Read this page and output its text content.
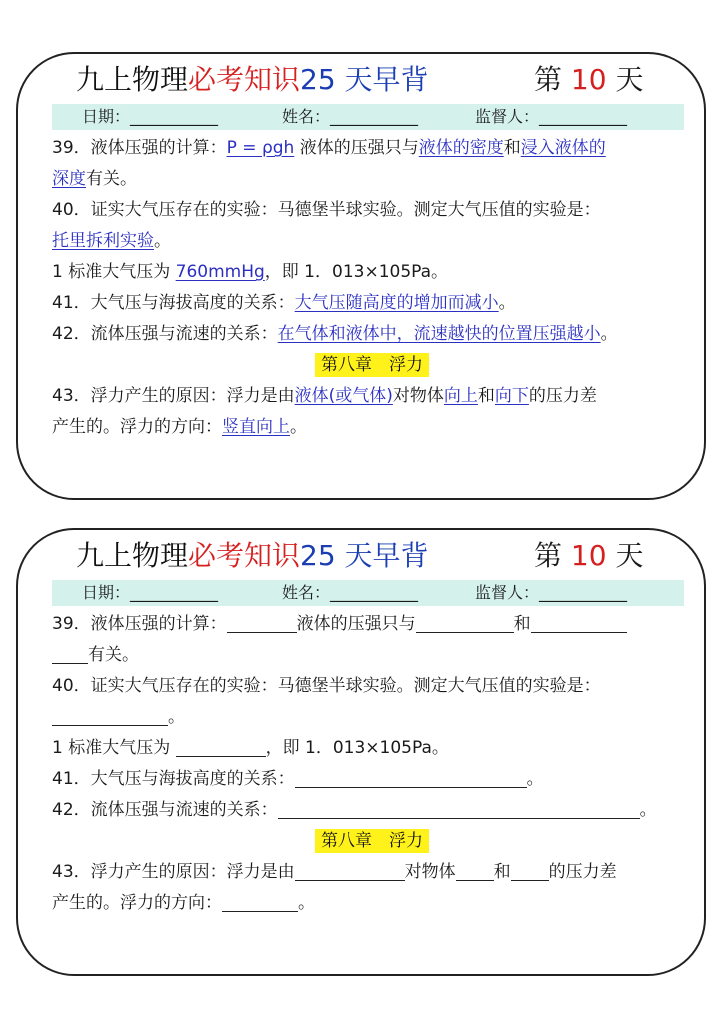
九上物理必考知识25 天早背	第 10 天
日期：___________	姓名：___________	监督人：___________
39．液体压强的计算：P = ρgh 液体的压强只与液体的密度和浸入液体的
深度有关。
40．证实大气压存在的实验：马德堡半球实验。测定大气压值的实验是：
托里拆利实验。
1 标准大气压为 760mmHg，即 1．013×105Pa。
41．大气压与海拔高度的关系：大气压随高度的增加而减小。
42．流体压强与流速的关系：在气体和液体中，流速越快的位置压强越小。
第八章　浮力
43．浮力产生的原因：浮力是由液体(或气体)对物体向上和向下的压力差
产生的。浮力的方向：竖直向上。
九上物理必考知识25 天早背	第 10 天
日期：___________	姓名：___________	监督人：___________
39．液体压强的计算：	液体的压强只与	和
有关。
40．证实大气压存在的实验：马德堡半球实验。测定大气压值的实验是：
。
1 标准大气压为	，即 1．013×105Pa。
41．大气压与海拔高度的关系：	。
42．流体压强与流速的关系：	。
第八章　浮力
43．浮力产生的原因：浮力是由	对物体 和 的压力差
产生的。浮力的方向：	。
